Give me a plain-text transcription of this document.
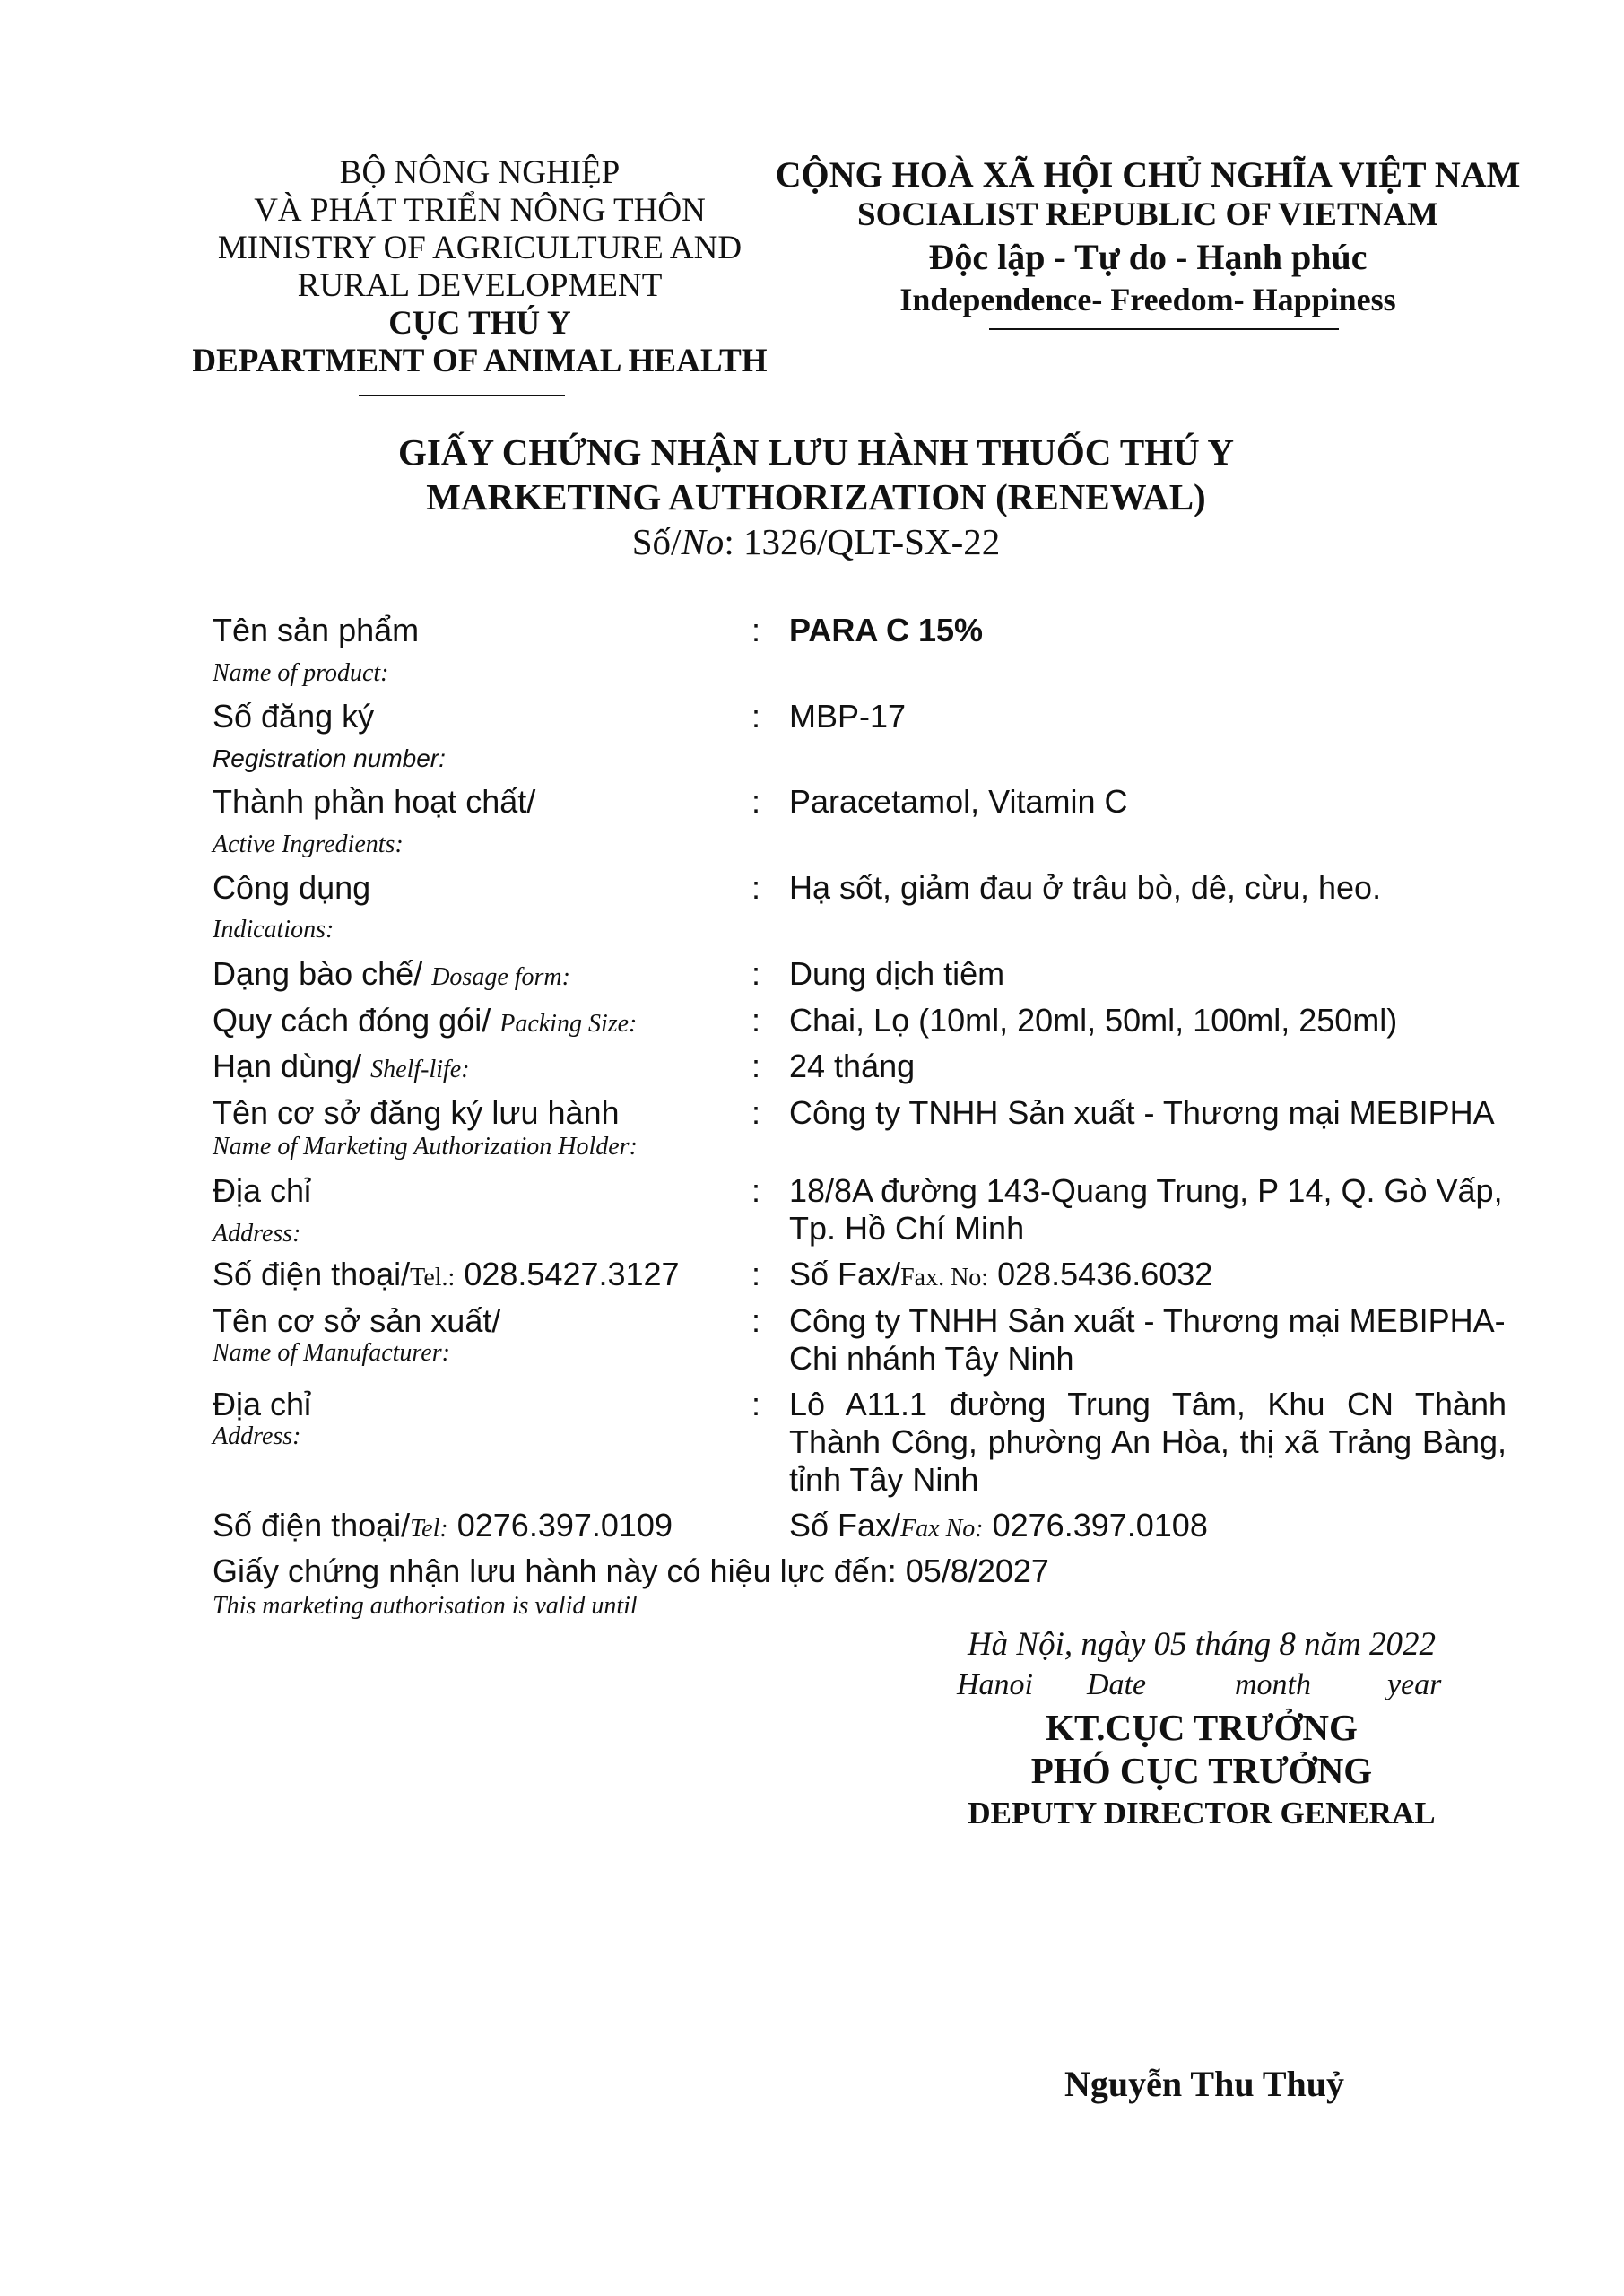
BỘ NÔNG NGHIỆP
VÀ PHÁT TRIỂN NÔNG THÔN
MINISTRY OF AGRICULTURE AND
RURAL DEVELOPMENT
CỤC THÚ Y
DEPARTMENT OF ANIMAL HEALTH
CỘNG HOÀ XÃ HỘI CHỦ NGHĨA VIỆT NAM
SOCIALIST REPUBLIC OF VIETNAM
Độc lập - Tự do - Hạnh phúc
Independence- Freedom- Happiness
GIẤY CHỨNG NHẬN LƯU HÀNH THUỐC THÚ Y
MARKETING AUTHORIZATION (RENEWAL)
Số/No: 1326/QLT-SX-22
Tên sản phẩm
Name of product:
: PARA C 15%
Số đăng ký
Registration number:
: MBP-17
Thành phần hoạt chất/
Active Ingredients:
: Paracetamol, Vitamin C
Công dụng
Indications:
: Hạ sốt, giảm đau ở trâu bò, dê, cừu, heo.
Dạng bào chế/ Dosage form:	: Dung dịch tiêm
Quy cách đóng gói/ Packing Size:	: Chai, Lọ (10ml, 20ml, 50ml, 100ml, 250ml)
Hạn dùng/ Shelf-life:	: 24 tháng
Tên cơ sở đăng ký lưu hành
Name of Marketing Authorization Holder:
: Công ty TNHH Sản xuất - Thương mại MEBIPHA
Địa chỉ
Address:
: 18/8A đường 143-Quang Trung, P 14, Q. Gò Vấp,
Tp. Hồ Chí Minh
Số điện thoại/Tel.: 028.5427.3127 : Số Fax/Fax. No: 028.5436.6032
Tên cơ sở sản xuất/
Name of Manufacturer:
: Công ty TNHH Sản xuất - Thương mại MEBIPHA-
Chi nhánh Tây Ninh
Địa chỉ
Address:
: Lô A11.1 đường Trung Tâm, Khu CN Thành Thành Công, phường An Hòa, thị xã Trảng Bàng, tỉnh Tây Ninh
Số điện thoại/Tel: 0276.397.0109	Số Fax/Fax No: 0276.397.0108
Giấy chứng nhận lưu hành này có hiệu lực đến: 05/8/2027
This marketing authorisation is valid until
Hà Nội, ngày 05 tháng 8 năm 2022
Hanoi Date	month	year
KT.CỤC TRƯỞNG
PHÓ CỤC TRƯỞNG
DEPUTY DIRECTOR GENERAL
Nguyễn Thu Thuỷ
